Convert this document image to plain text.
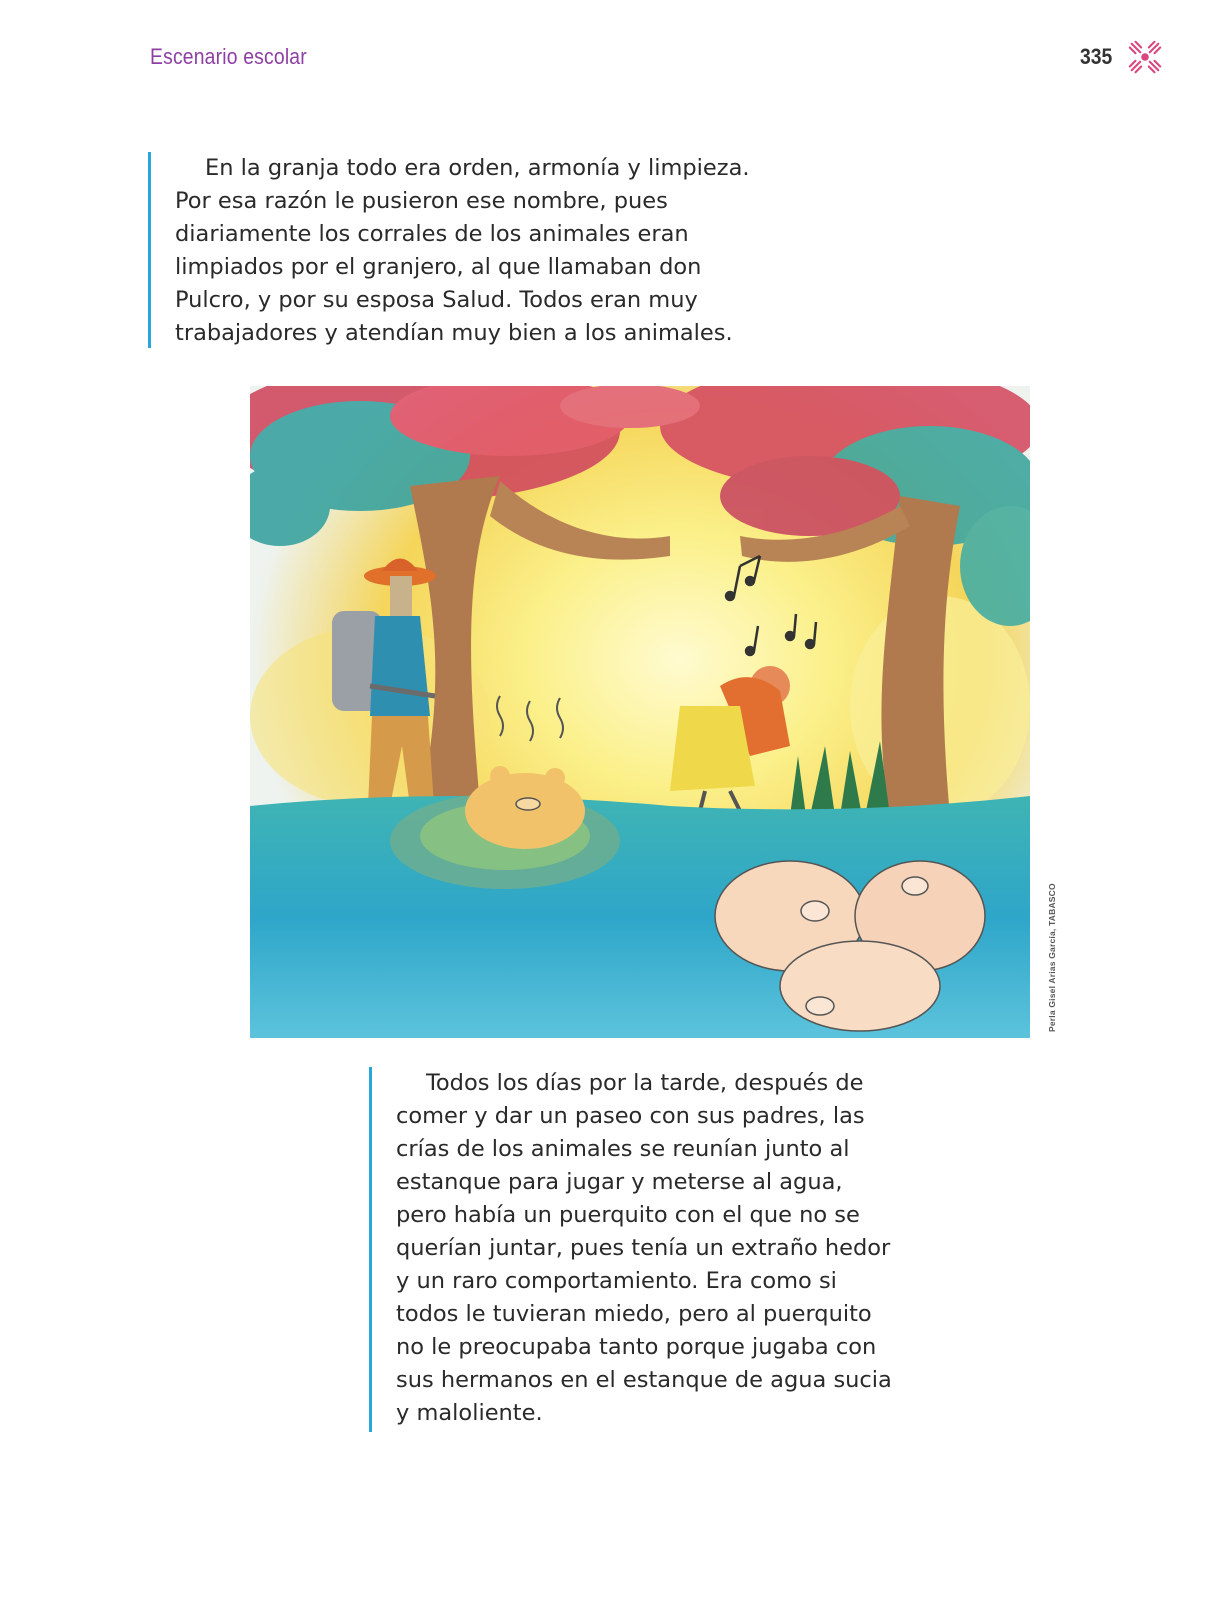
Escenario escolar	335

En la granja todo era orden, armonía y limpieza.
Por esa razón le pusieron ese nombre, pues
diariamente los corrales de los animales eran
limpiados por el granjero, al que llamaban don
Pulcro, y por su esposa Salud. Todos eran muy
trabajadores y atendían muy bien a los animales.

Perla Gisel Arias García, TABASCO

Todos los días por la tarde, después de
comer y dar un paseo con sus padres, las
crías de los animales se reunían junto al
estanque para jugar y meterse al agua,
pero había un puerquito con el que no se
querían juntar, pues tenía un extraño hedor
y un raro comportamiento. Era como si
todos le tuvieran miedo, pero al puerquito
no le preocupaba tanto porque jugaba con
sus hermanos en el estanque de agua sucia
y maloliente.
